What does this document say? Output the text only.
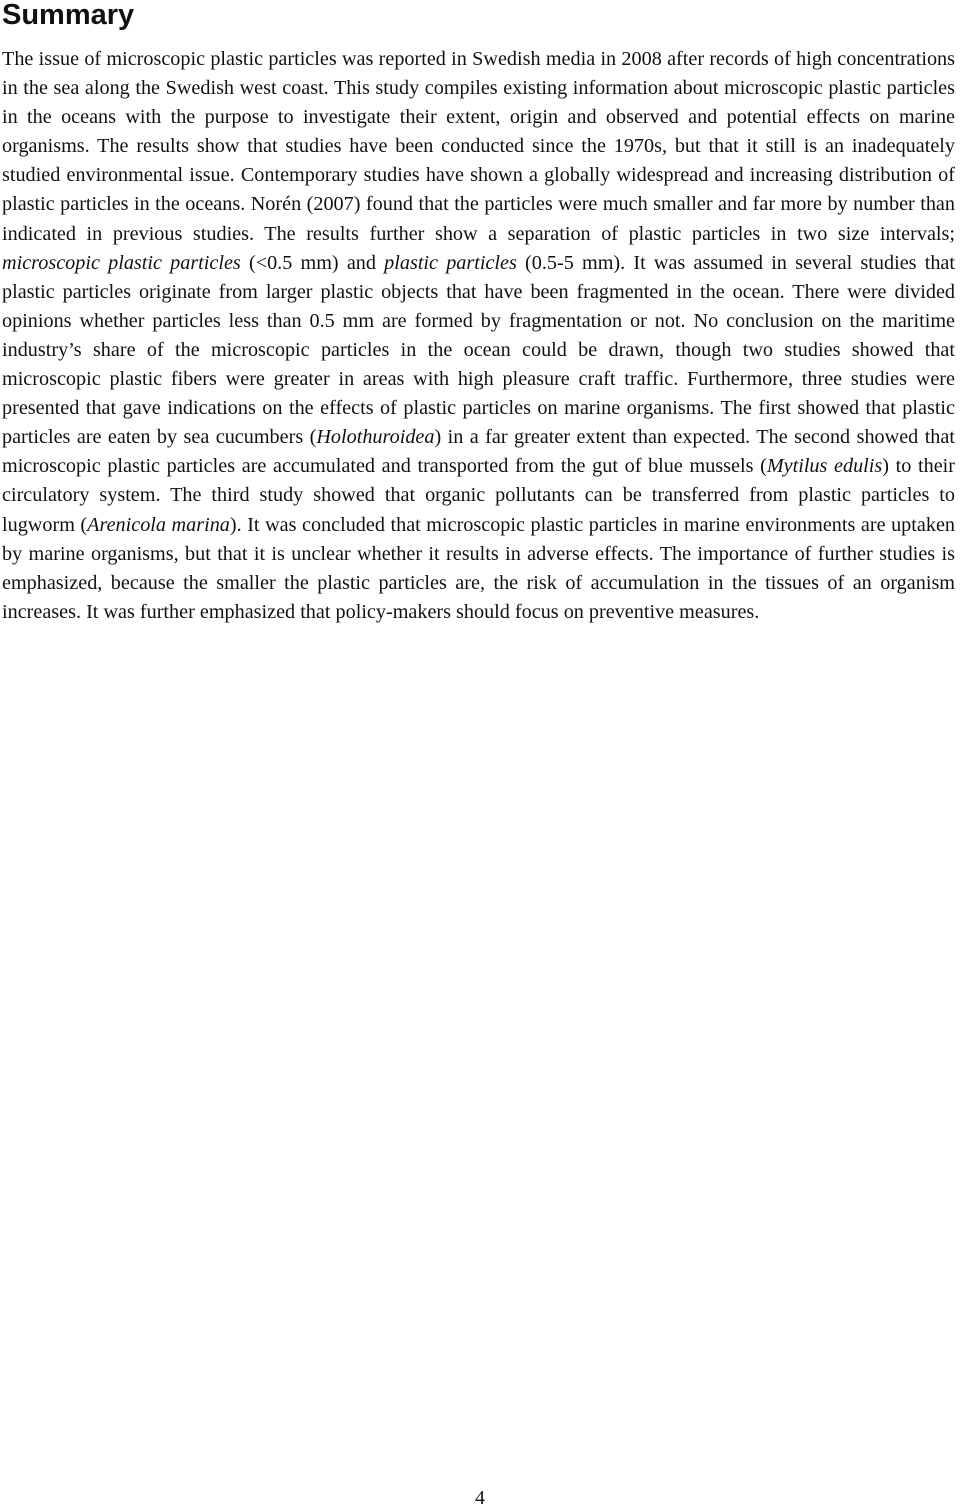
Summary

The issue of microscopic plastic particles was reported in Swedish media in 2008 after records of high concentrations in the sea along the Swedish west coast. This study compiles existing information about microscopic plastic particles in the oceans with the purpose to investigate their extent, origin and observed and potential effects on marine organisms. The results show that studies have been conducted since the 1970s, but that it still is an inadequately studied environmental issue. Contemporary studies have shown a globally widespread and increasing distribution of plastic particles in the oceans. Norén (2007) found that the particles were much smaller and far more by number than indicated in previous studies. The results further show a separation of plastic particles in two size intervals; microscopic plastic particles (<0.5 mm) and plastic particles (0.5-5 mm). It was assumed in several studies that plastic particles originate from larger plastic objects that have been fragmented in the ocean. There were divided opinions whether particles less than 0.5 mm are formed by fragmentation or not. No conclusion on the maritime industry’s share of the microscopic particles in the ocean could be drawn, though two studies showed that microscopic plastic fibers were greater in areas with high pleasure craft traffic. Furthermore, three studies were presented that gave indications on the effects of plastic particles on marine organisms. The first showed that plastic particles are eaten by sea cucumbers (Holothuroidea) in a far greater extent than expected. The second showed that microscopic plastic particles are accumulated and transported from the gut of blue mussels (Mytilus edulis) to their circulatory system. The third study showed that organic pollutants can be transferred from plastic particles to lugworm (Arenicola marina). It was concluded that microscopic plastic particles in marine environments are uptaken by marine organisms, but that it is unclear whether it results in adverse effects. The importance of further studies is emphasized, because the smaller the plastic particles are, the risk of accumulation in the tissues of an organism increases. It was further emphasized that policy-makers should focus on preventive measures.

4
